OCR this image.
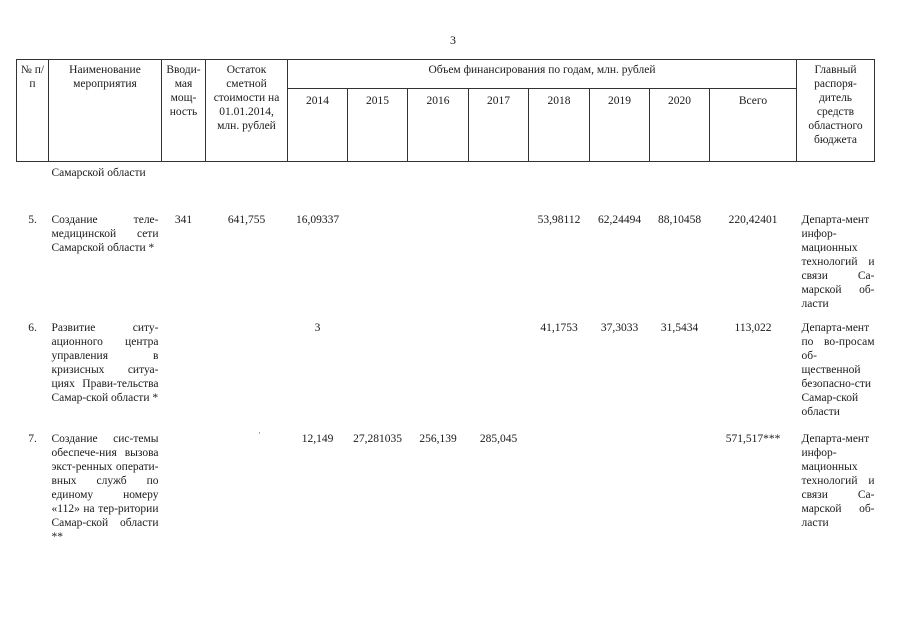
3
№ п/п	Наименование мероприятия	Вводи-мая мощ-ность	Остаток сметной стоимости на 01.01.2014, млн. рублей	Объем финансирования по годам, млн. рублей								Главный распоря-дитель средств областного бюджета
				2014	2015	2016	2017	2018	2019	2020	Всего	
	Самарской области											
5.	Создание теле-медицинской сети Самарской области *	341	641,755	16,09337				53,98112	62,24494	88,10458	220,42401	Департа-мент инфор-мационных технологий и связи Са-марской об-ласти
6.	Развитие ситу-ационного центра управления в кризисных ситуа-циях Прави-тельства Самар-ской области *			3				41,1753	37,3033	31,5434	113,022	Департа-мент по во-просам об-щественной безопасно-сти Самар-ской области
7.	Создание сис-темы обеспече-ния вызова экст-ренных операти-вных служб по единому номеру «112» на тер-ритории Самар-ской области **			12,149	27,281035	256,139	285,045				571,517***	Департа-мент инфор-мационных технологий и связи Са-марской об-ласти
·
